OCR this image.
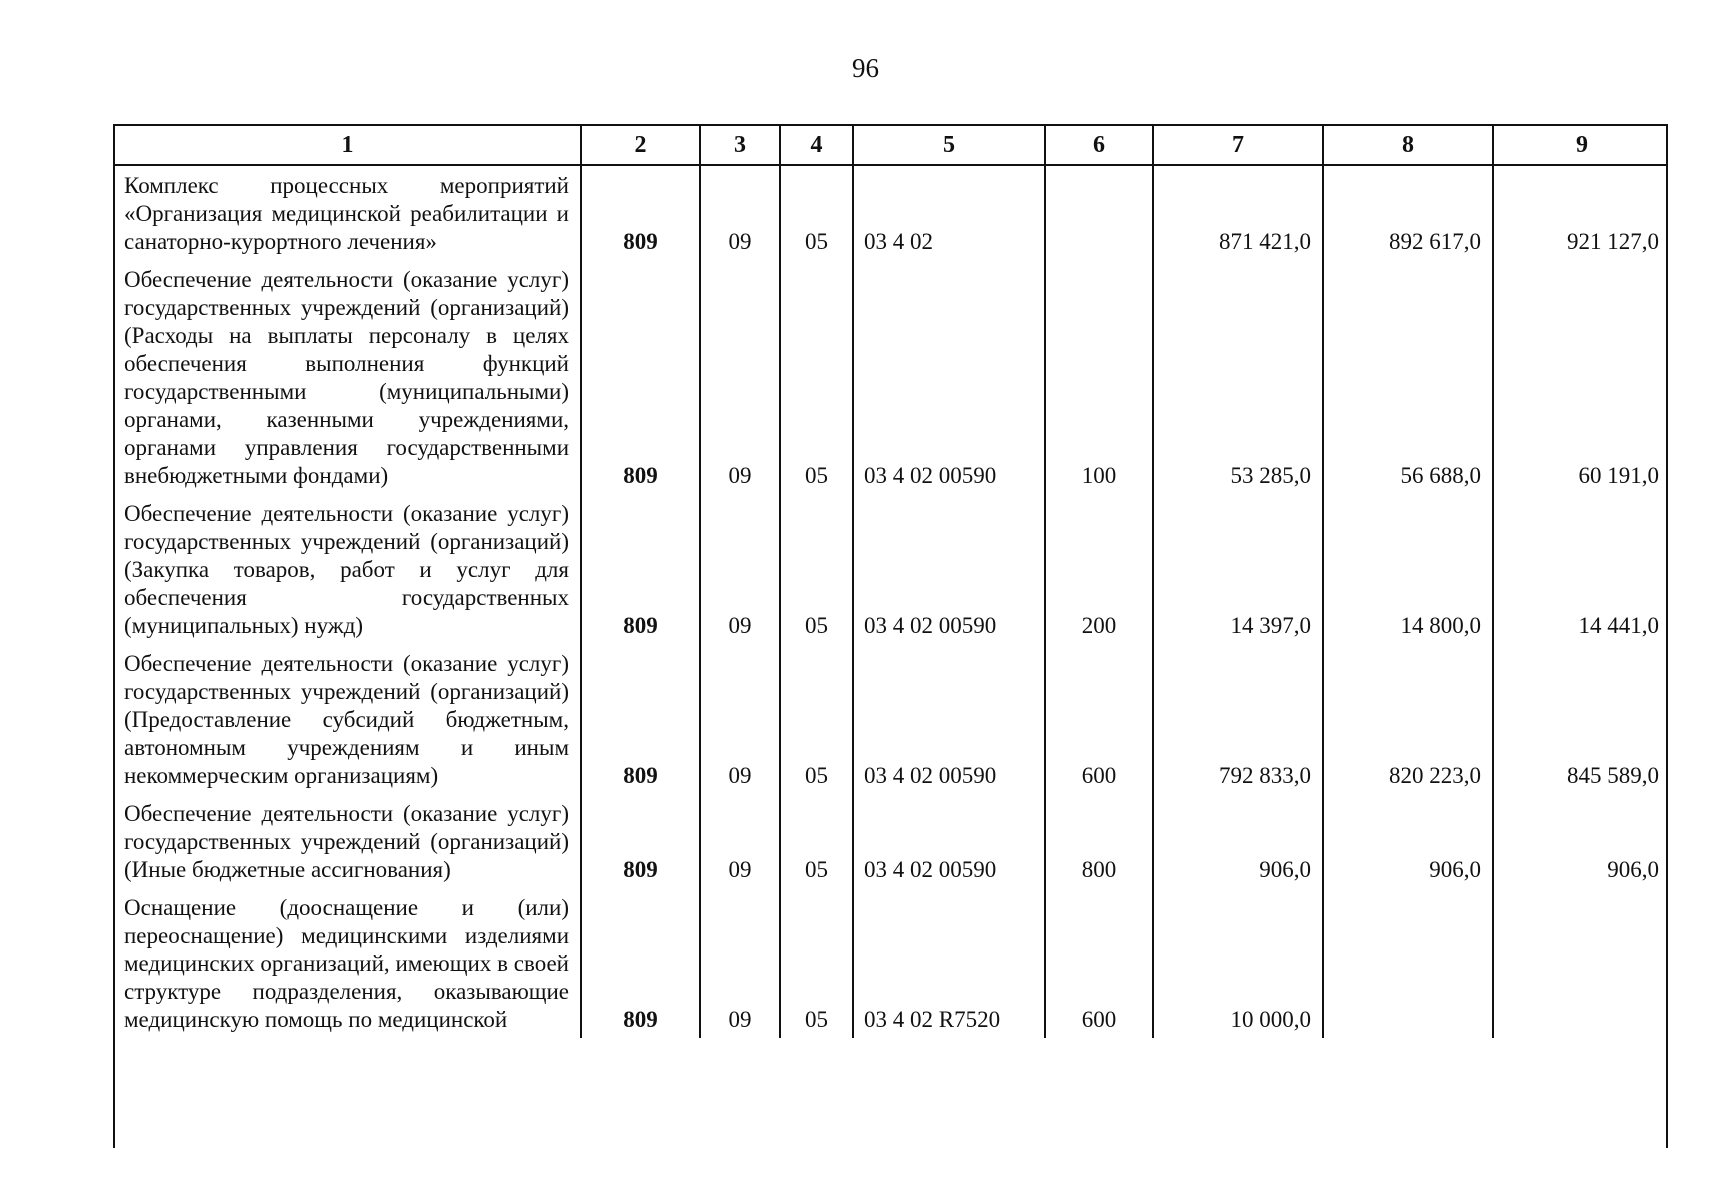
96
1	2	3	4	5	6	7	8	9
Комплекс процессных мероприятий «Организация медицинской реабилитации и санаторно-курортного лечения»	809	09	05	03 4 02		871 421,0	892 617,0	921 127,0
Обеспечение деятельности (оказание услуг) государственных учреждений (организаций) (Расходы на выплаты персоналу в целях обеспечения выполнения функций государственными (муниципальными) органами, казенными учреждениями, органами управления государственными внебюджетными фондами)	809	09	05	03 4 02 00590	100	53 285,0	56 688,0	60 191,0
Обеспечение деятельности (оказание услуг) государственных учреждений (организаций) (Закупка товаров, работ и услуг для обеспечения государственных (муниципальных) нужд)	809	09	05	03 4 02 00590	200	14 397,0	14 800,0	14 441,0
Обеспечение деятельности (оказание услуг) государственных учреждений (организаций) (Предоставление субсидий бюджетным, автономным учреждениям и иным некоммерческим организациям)	809	09	05	03 4 02 00590	600	792 833,0	820 223,0	845 589,0
Обеспечение деятельности (оказание услуг) государственных учреждений (организаций) (Иные бюджетные ассигнования)	809	09	05	03 4 02 00590	800	906,0	906,0	906,0
Оснащение (дооснащение и (или) переоснащение) медицинскими изделиями медицинских организаций, имеющих в своей структуре подразделения, оказывающие медицинскую помощь по медицинской	809	09	05	03 4 02 R7520	600	10 000,0		
